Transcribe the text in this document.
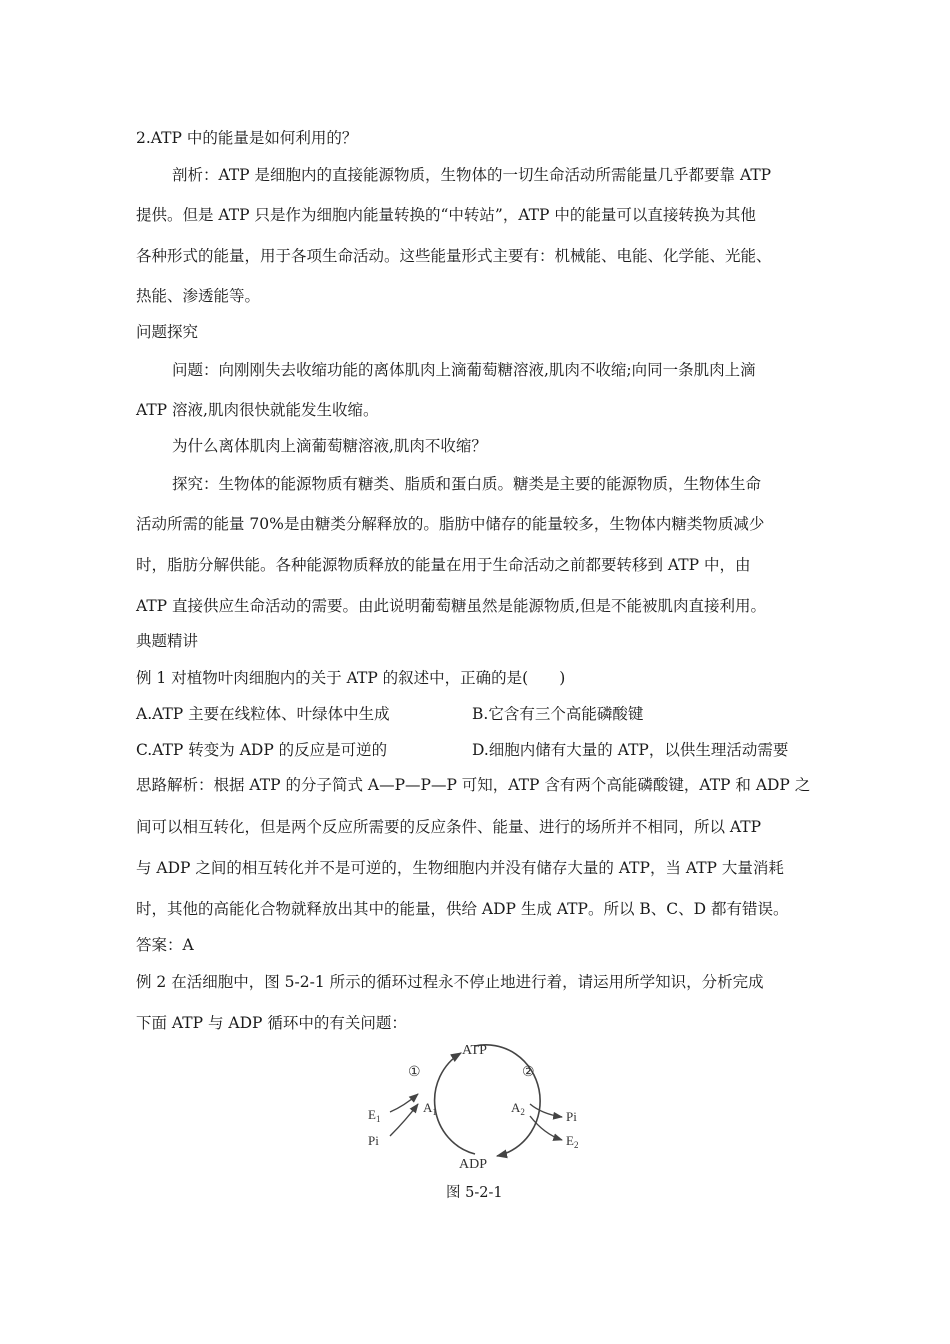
2.ATP 中的能量是如何利用的？
剖析：ATP 是细胞内的直接能源物质，生物体的一切生命活动所需能量几乎都要靠 ATP
提供。但是 ATP 只是作为细胞内能量转换的“中转站”，ATP 中的能量可以直接转换为其他
各种形式的能量，用于各项生命活动。这些能量形式主要有：机械能、电能、化学能、光能、
热能、渗透能等。
问题探究
问题：向刚刚失去收缩功能的离体肌肉上滴葡萄糖溶液,肌肉不收缩;向同一条肌肉上滴
ATP 溶液,肌肉很快就能发生收缩。
为什么离体肌肉上滴葡萄糖溶液,肌肉不收缩？
探究：生物体的能源物质有糖类、脂质和蛋白质。糖类是主要的能源物质，生物体生命
活动所需的能量 70%是由糖类分解释放的。脂肪中储存的能量较多，生物体内糖类物质减少
时，脂肪分解供能。各种能源物质释放的能量在用于生命活动之前都要转移到 ATP 中，由
ATP 直接供应生命活动的需要。由此说明葡萄糖虽然是能源物质,但是不能被肌肉直接利用。
典题精讲
例 1 对植物叶肉细胞内的关于 ATP 的叙述中，正确的是(　　)
A.ATP 主要在线粒体、叶绿体中生成	B.它含有三个高能磷酸键
C.ATP 转变为 ADP 的反应是可逆的	D.细胞内储有大量的 ATP，以供生理活动需要
思路解析：根据 ATP 的分子简式 A—P—P—P 可知，ATP 含有两个高能磷酸键，ATP 和 ADP 之
间可以相互转化，但是两个反应所需要的反应条件、能量、进行的场所并不相同，所以 ATP
与 ADP 之间的相互转化并不是可逆的，生物细胞内并没有储存大量的 ATP，当 ATP 大量消耗
时，其他的高能化合物就释放出其中的能量，供给 ADP 生成 ATP。所以 B、C、D 都有错误。
答案：A
例 2 在活细胞中，图 5-2-1 所示的循环过程永不停止地进行着，请运用所学知识，分析完成
下面 ATP 与 ADP 循环中的有关问题：
ATP
ADP
①	②
$A_1$	$A_2$
$E_1$
Pi
Pi
$E_2$
图 5-2-1
